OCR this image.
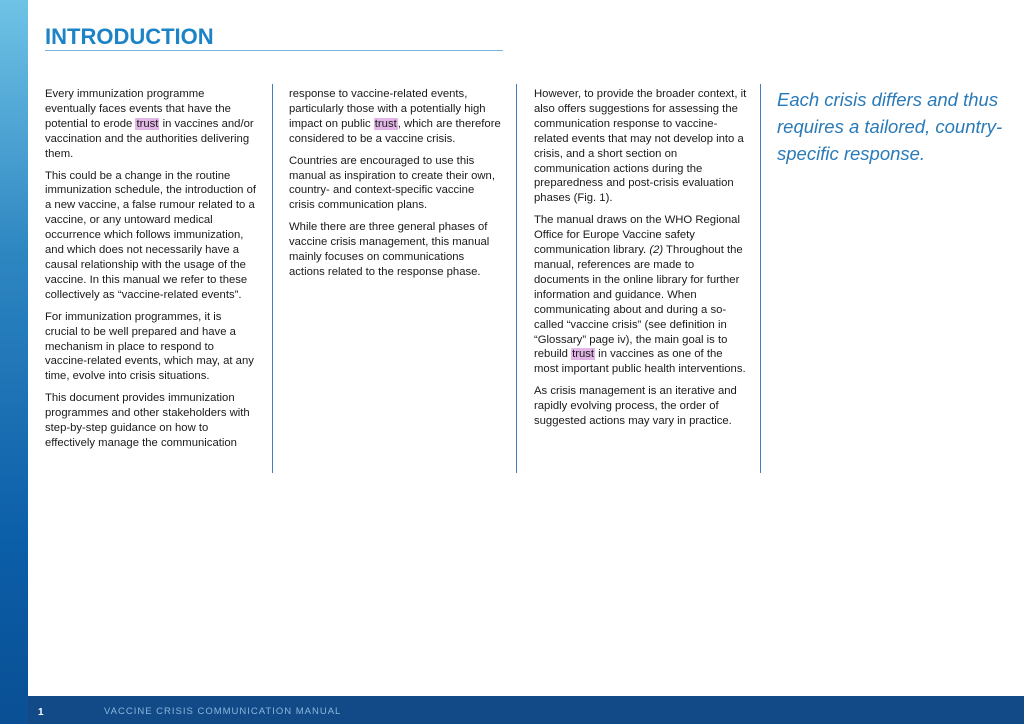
INTRODUCTION

Every immunization programme eventually faces events that have the potential to erode trust in vaccines and/or vaccination and the authorities delivering them.

This could be a change in the routine immunization schedule, the introduction of a new vaccine, a false rumour related to a vaccine, or any untoward medical occurrence which follows immunization, and which does not necessarily have a causal relationship with the usage of the vaccine. In this manual we refer to these collectively as “vaccine-related events”.

For immunization programmes, it is crucial to be well prepared and have a mechanism in place to respond to vaccine-related events, which may, at any time, evolve into crisis situations.

This document provides immunization programmes and other stakeholders with step-by-step guidance on how to effectively manage the communication

response to vaccine-related events, particularly those with a potentially high impact on public trust, which are therefore considered to be a vaccine crisis.

Countries are encouraged to use this manual as inspiration to create their own, country- and context-specific vaccine crisis communication plans.

While there are three general phases of vaccine crisis management, this manual mainly focuses on communications actions related to the response phase.

However, to provide the broader context, it also offers suggestions for assessing the communication response to vaccine-related events that may not develop into a crisis, and a short section on communication actions during the preparedness and post-crisis evaluation phases (Fig. 1).

The manual draws on the WHO Regional Office for Europe Vaccine safety communication library. (2) Throughout the manual, references are made to documents in the online library for further information and guidance. When communicating about and during a so-called “vaccine crisis” (see definition in “Glossary” page iv), the main goal is to rebuild trust in vaccines as one of the most important public health interventions.

As crisis management is an iterative and rapidly evolving process, the order of suggested actions may vary in practice.

Each crisis differs and thus requires a tailored, country-specific response.
1	VACCINE CRISIS COMMUNICATION MANUAL
